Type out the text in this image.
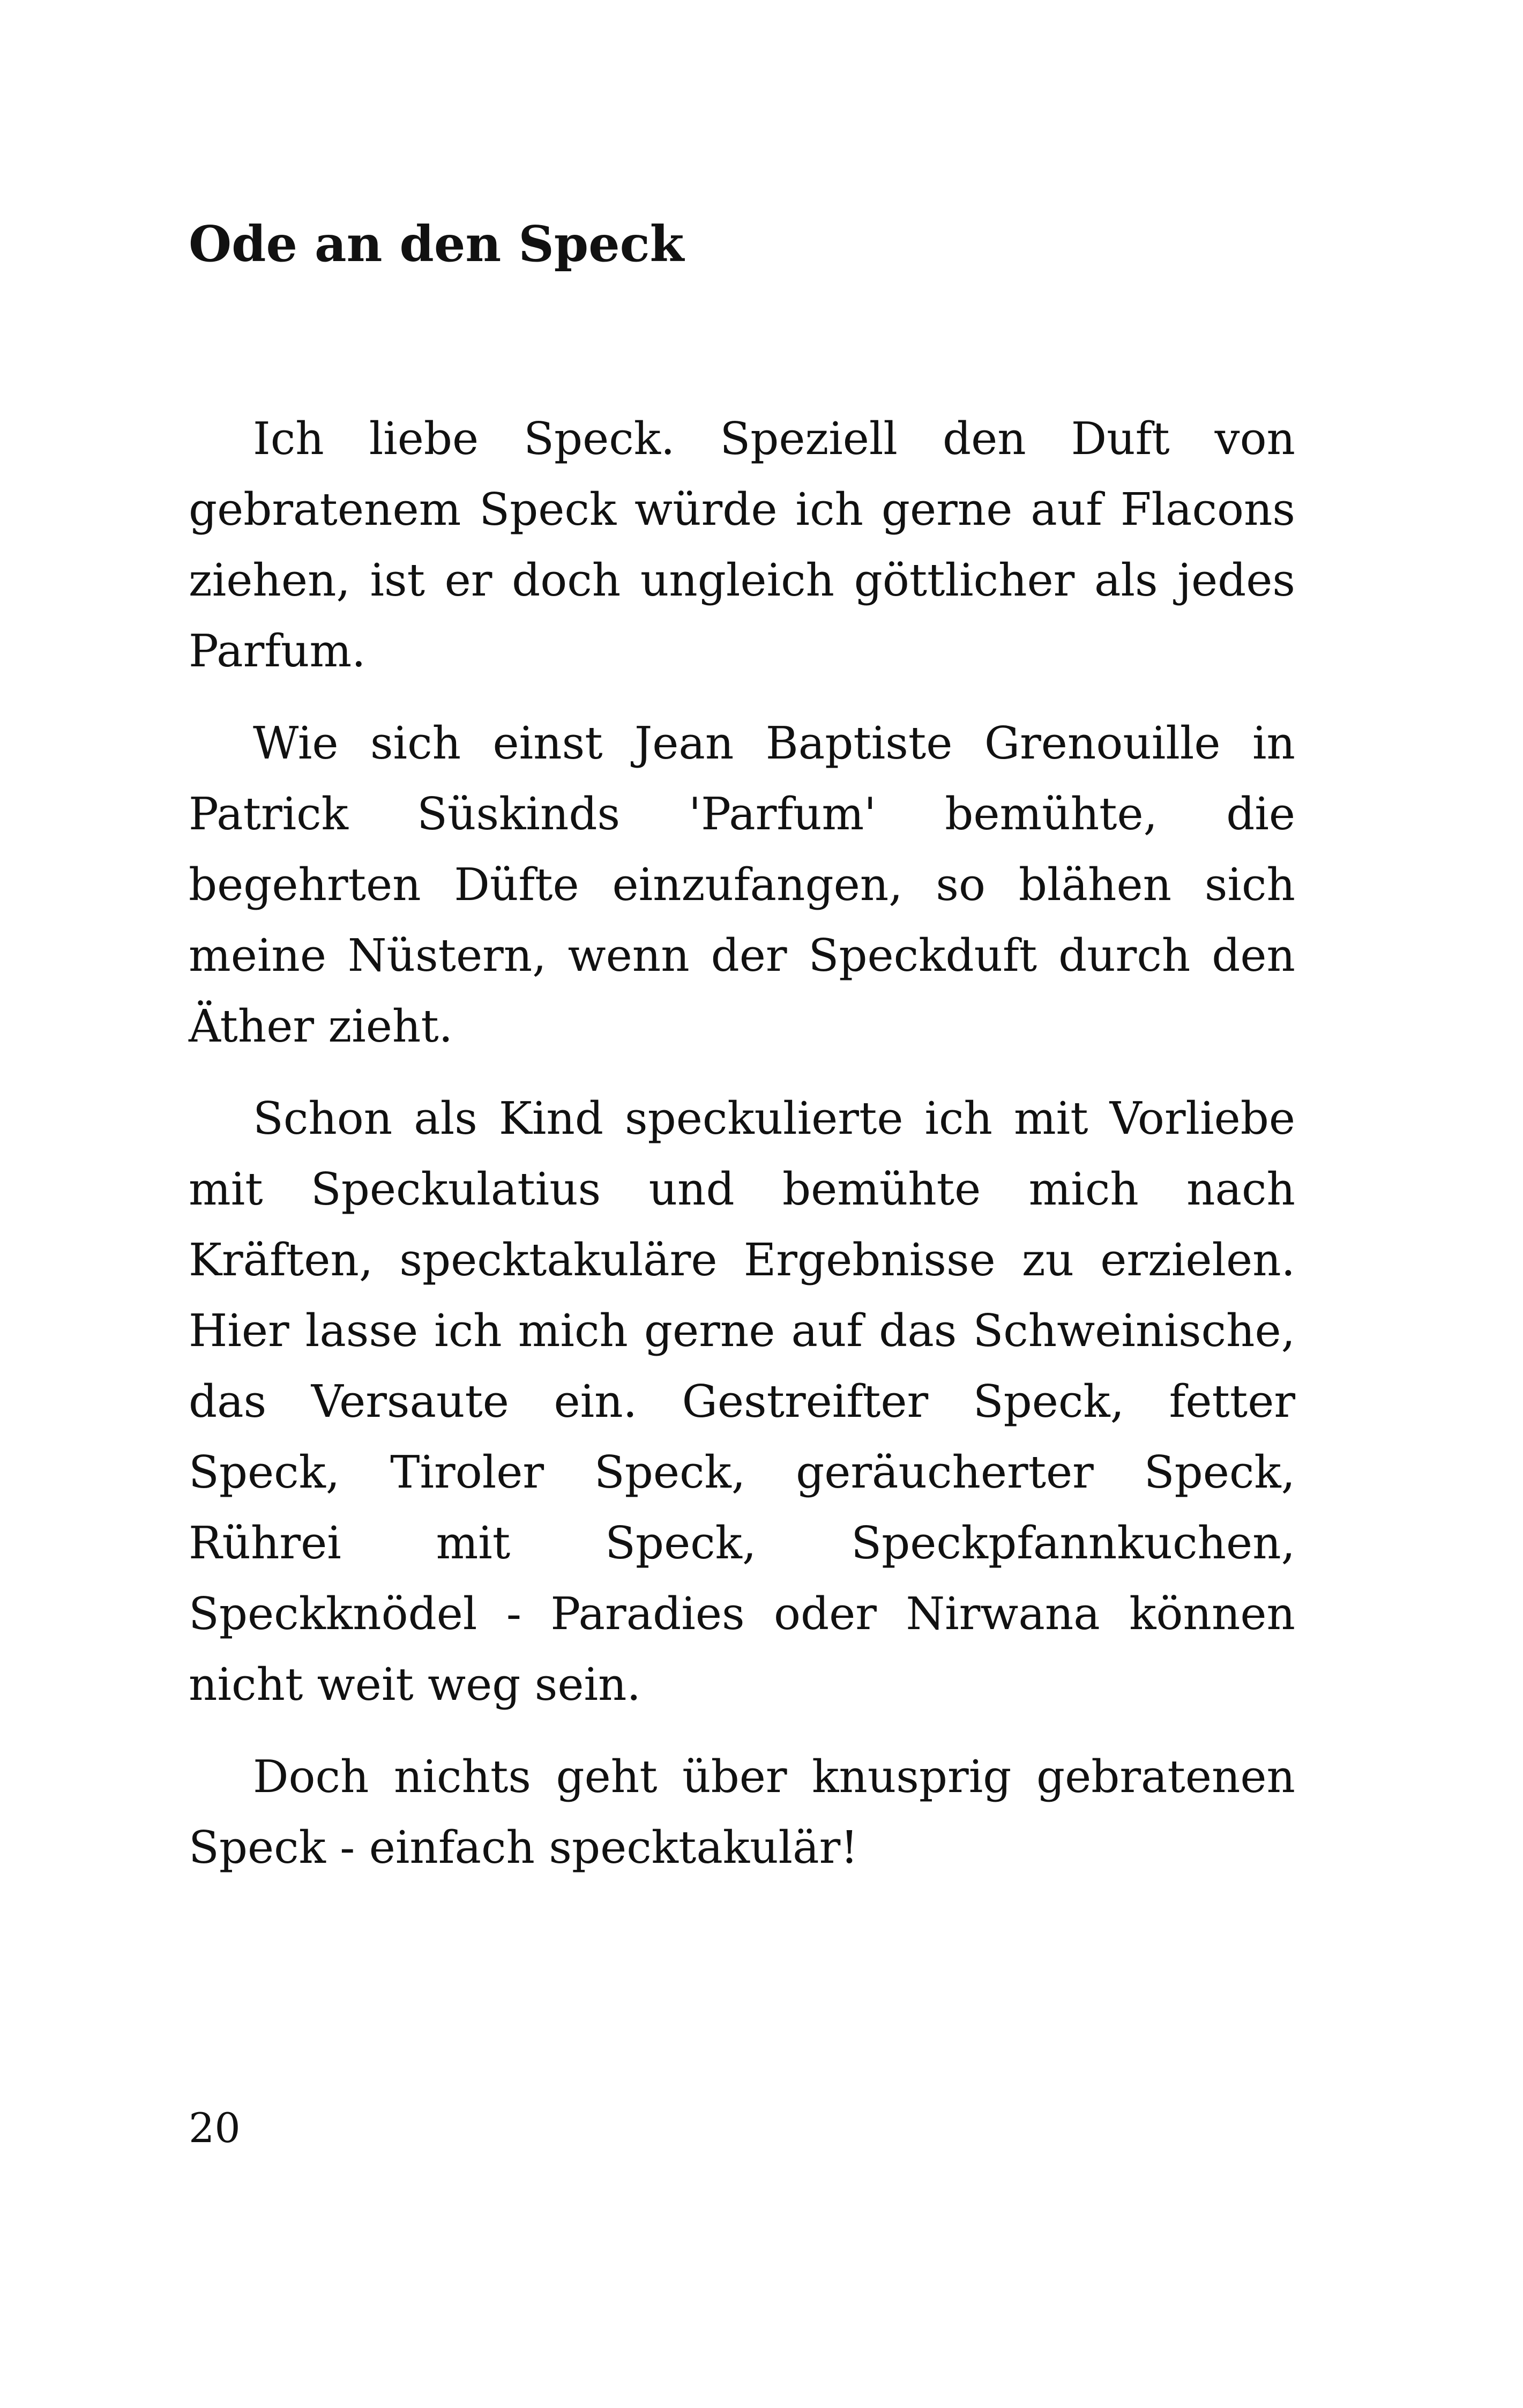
Ode an den Speck

Ich liebe Speck. Speziell den Duft von gebratenem Speck würde ich gerne auf Flacons ziehen, ist er doch ungleich göttlicher als jedes Parfum.

Wie sich einst Jean Baptiste Grenouille in Patrick Süskinds 'Parfum' bemühte, die begehrten Düfte einzufangen, so blähen sich meine Nüstern, wenn der Speckduft durch den Äther zieht.

Schon als Kind speckulierte ich mit Vorliebe mit Speckulatius und bemühte mich nach Kräften, specktakuläre Ergebnisse zu erzielen. Hier lasse ich mich gerne auf das Schweinische, das Versaute ein. Gestreifter Speck, fetter Speck, Tiroler Speck, geräucherter Speck, Rührei mit Speck, Speckpfannkuchen, Speckknödel - Paradies oder Nirwana können nicht weit weg sein.

Doch nichts geht über knusprig gebratenen Speck - einfach specktakulär!

20
